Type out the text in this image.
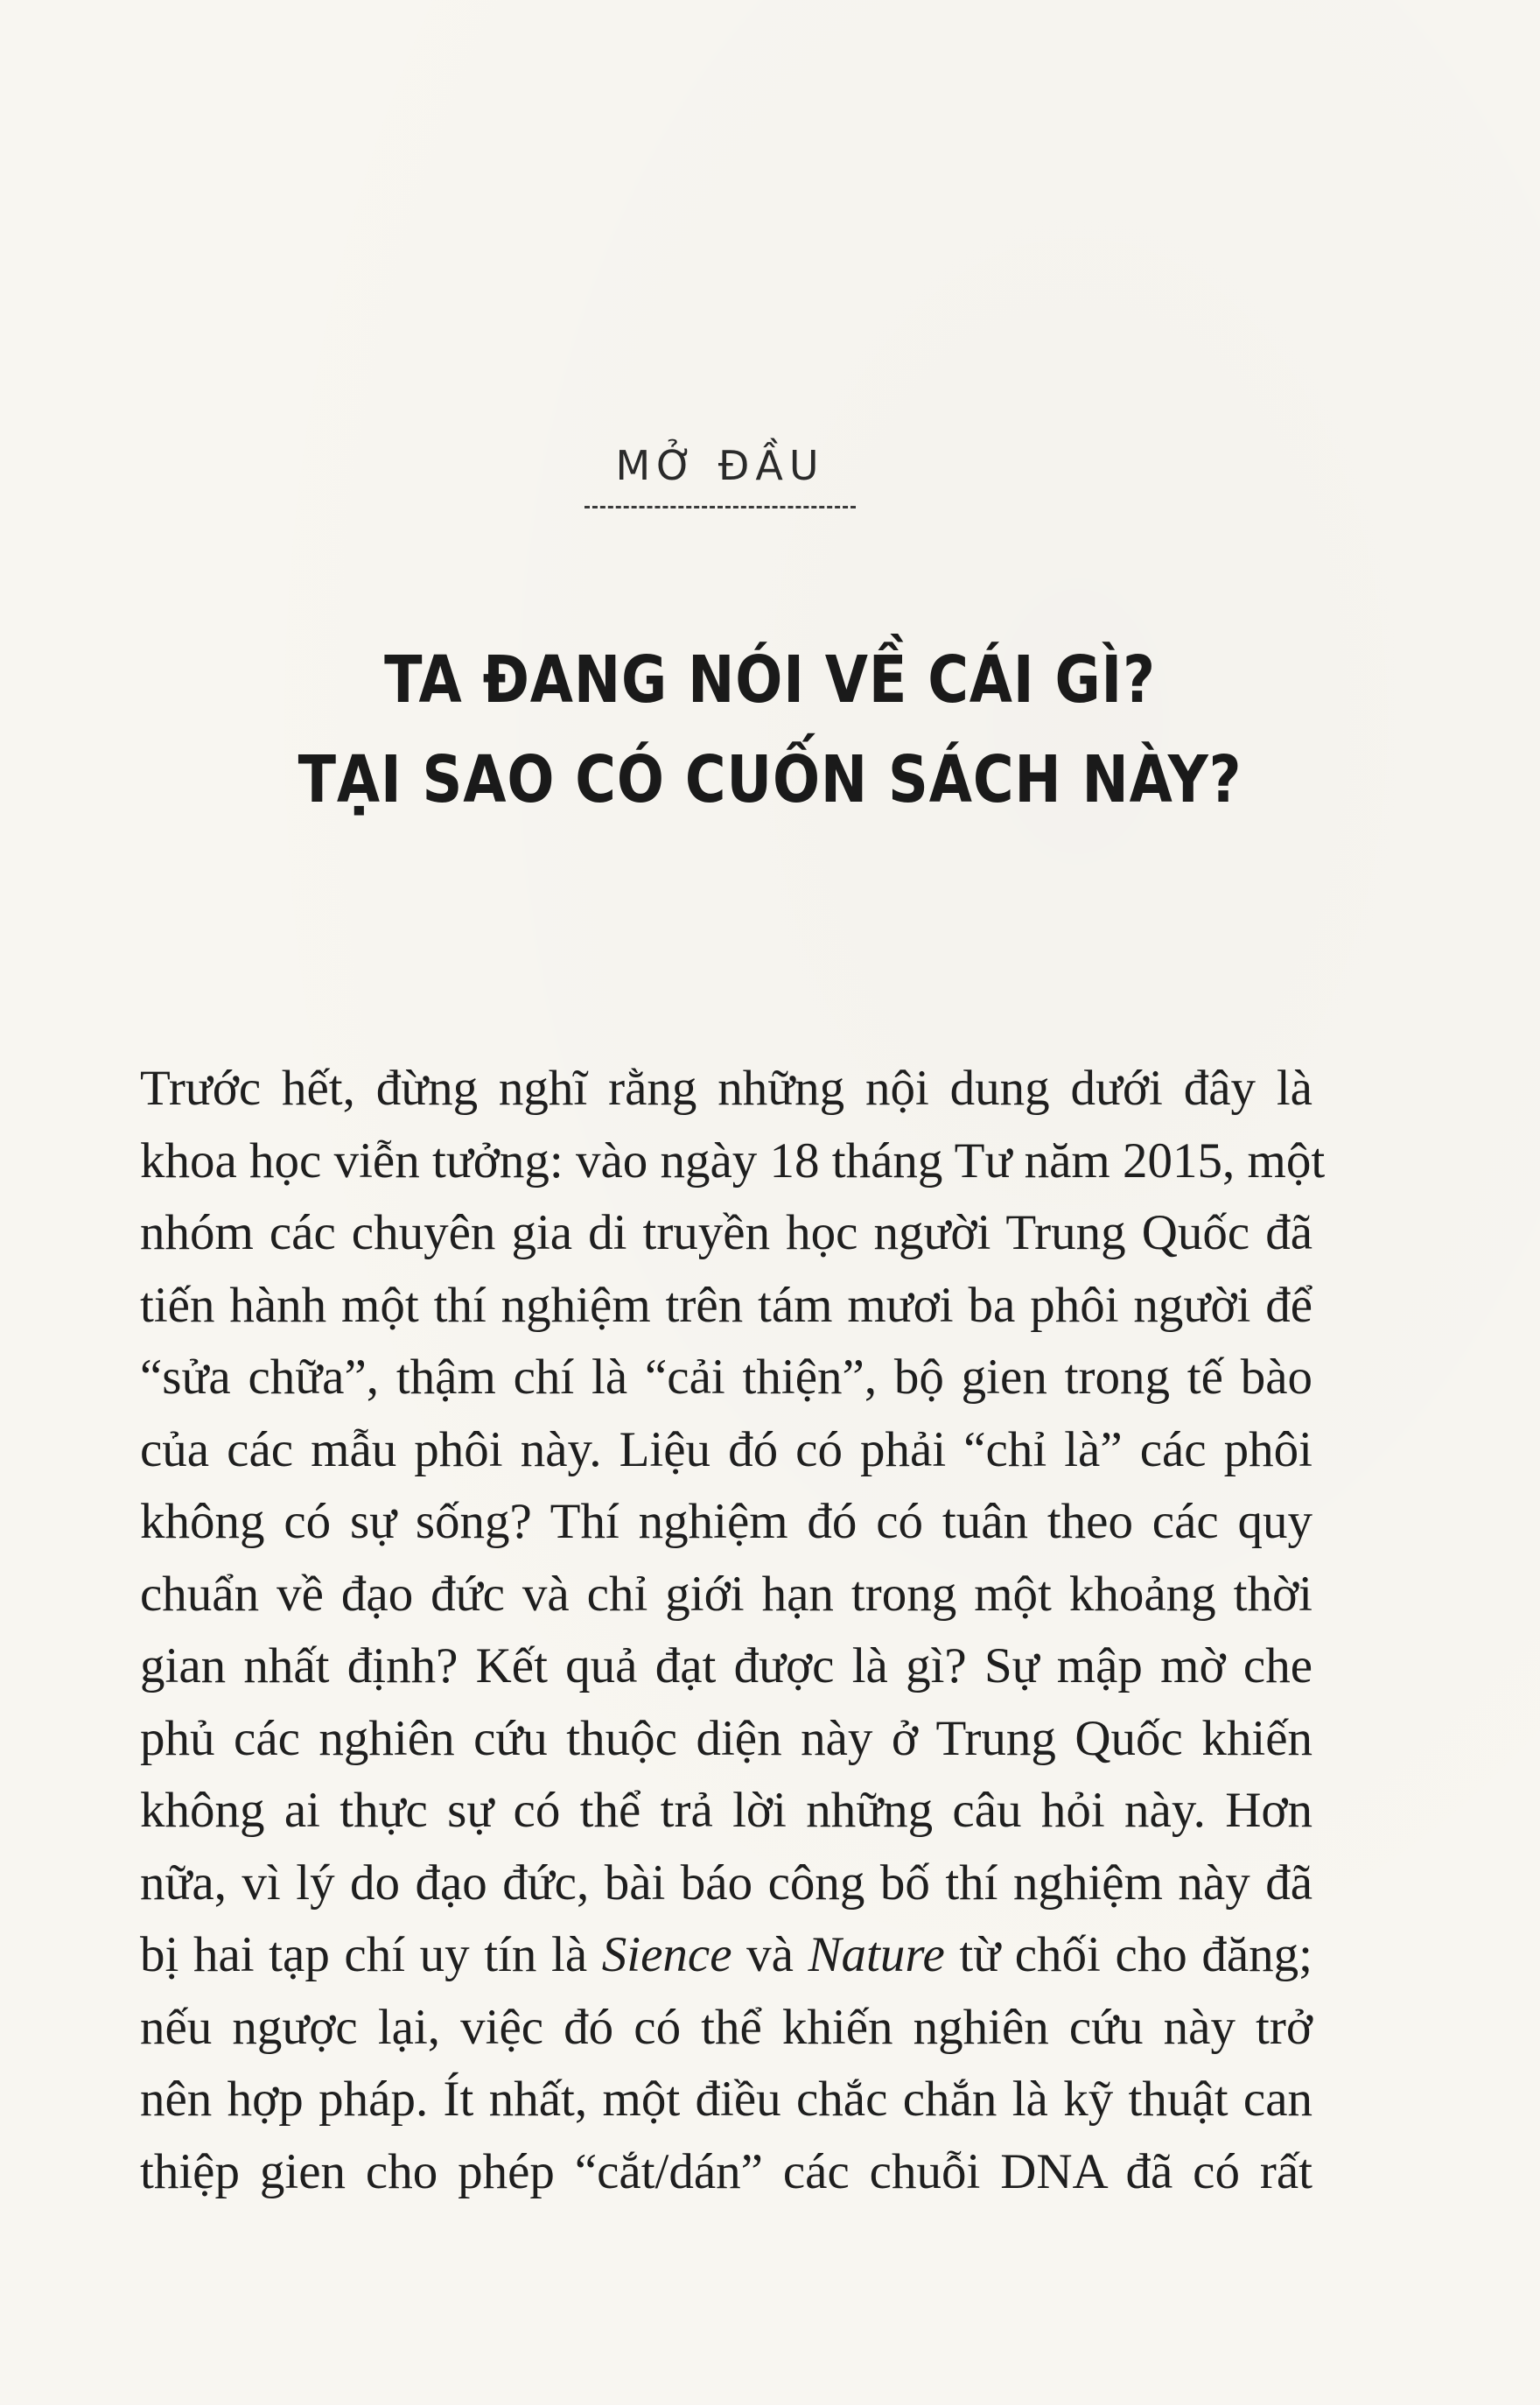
MỞ ĐẦU
TA ĐANG NÓI VỀ CÁI GÌ?
TẠI SAO CÓ CUỐN SÁCH NÀY?
Trước hết, đừng nghĩ rằng những nội dung dưới đây là
khoa học viễn tưởng: vào ngày 18 tháng Tư năm 2015, một
nhóm các chuyên gia di truyền học người Trung Quốc đã
tiến hành một thí nghiệm trên tám mươi ba phôi người để
“sửa chữa”, thậm chí là “cải thiện”, bộ gien trong tế bào
của các mẫu phôi này. Liệu đó có phải “chỉ là” các phôi
không có sự sống? Thí nghiệm đó có tuân theo các quy
chuẩn về đạo đức và chỉ giới hạn trong một khoảng thời
gian nhất định? Kết quả đạt được là gì? Sự mập mờ che
phủ các nghiên cứu thuộc diện này ở Trung Quốc khiến
không ai thực sự có thể trả lời những câu hỏi này. Hơn
nữa, vì lý do đạo đức, bài báo công bố thí nghiệm này đã
bị hai tạp chí uy tín là Sience và Nature từ chối cho đăng;
nếu ngược lại, việc đó có thể khiến nghiên cứu này trở
nên hợp pháp. Ít nhất, một điều chắc chắn là kỹ thuật can
thiệp gien cho phép “cắt/dán” các chuỗi DNA đã có rất
